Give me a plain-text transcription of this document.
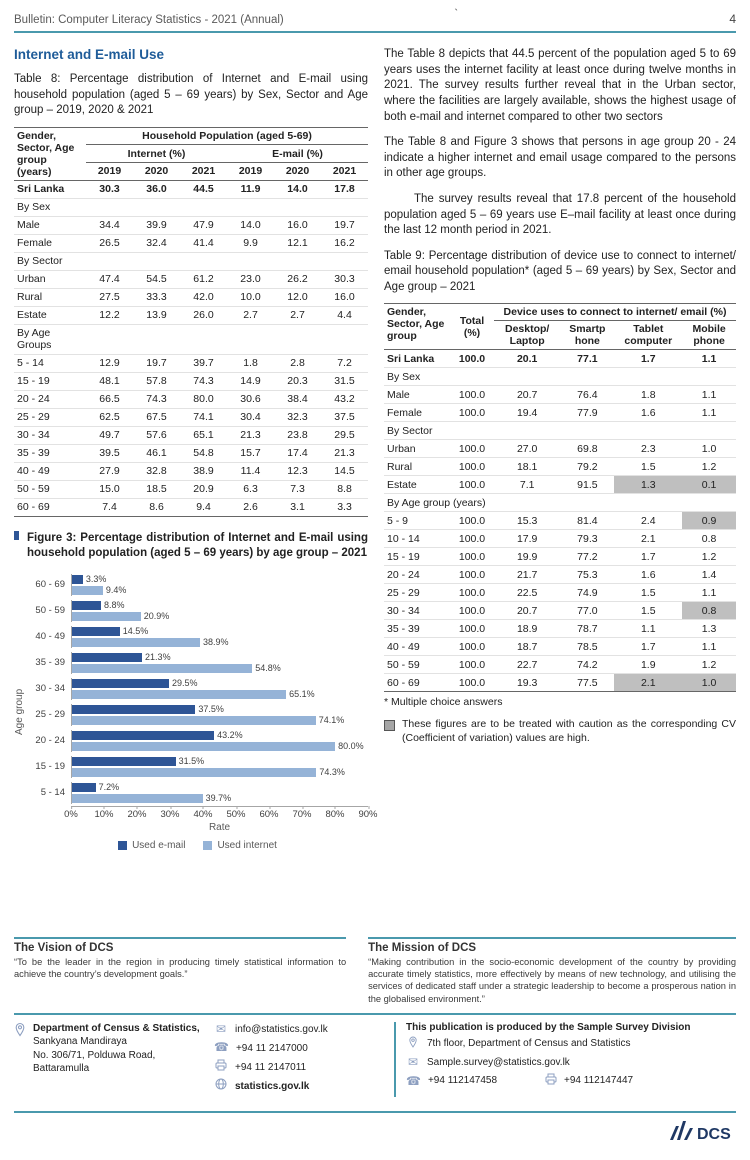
Bulletin: Computer Literacy Statistics - 2021 (Annual)	`	4
Internet and E-mail Use
Table 8: Percentage distribution of Internet and E-mail using household population (aged 5 – 69 years) by Sex, Sector and Age group – 2019, 2020 & 2021
Gender, Sector, Age group (years)	Household Population (aged 5-69)					
	Internet (%)			E-mail (%)		
	2019	2020	2021	2019	2020	2021
Sri Lanka	30.3	36.0	44.5	11.9	14.0	17.8
By Sex						
Male	34.4	39.9	47.9	14.0	16.0	19.7
Female	26.5	32.4	41.4	9.9	12.1	16.2
By Sector						
Urban	47.4	54.5	61.2	23.0	26.2	30.3
Rural	27.5	33.3	42.0	10.0	12.0	16.0
Estate	12.2	13.9	26.0	2.7	2.7	4.4
By Age Groups						
5 - 14	12.9	19.7	39.7	1.8	2.8	7.2
15 - 19	48.1	57.8	74.3	14.9	20.3	31.5
20 - 24	66.5	74.3	80.0	30.6	38.4	43.2
25 - 29	62.5	67.5	74.1	30.4	32.3	37.5
30 - 34	49.7	57.6	65.1	21.3	23.8	29.5
35 - 39	39.5	46.1	54.8	15.7	17.4	21.3
40 - 49	27.9	32.8	38.9	11.4	12.3	14.5
50 - 59	15.0	18.5	20.9	6.3	7.3	8.8
60 - 69	7.4	8.6	9.4	2.6	3.1	3.3
Figure 3: Percentage distribution of Internet and E-mail using household population (aged 5 – 69 years) by age group – 2021
Age group
60 - 69	3.3%
9.4%
50 - 59	8.8%
20.9%
40 - 49	14.5%
38.9%
35 - 39	21.3%
54.8%
30 - 34	29.5%
65.1%
25 - 29	37.5%
74.1%
20 - 24	43.2%
80.0%
15 - 19	31.5%
74.3%
5 - 14	7.2%
39.7%
0% 10% 20% 30% 40% 50% 60% 70% 80% 90%
Rate
Used e-mail	Used internet

The Table 8 depicts that 44.5 percent of the population aged 5 to 69 years uses the internet facility at least once during twelve months in 2021. The survey results further reveal that in the Urban sector, where the facilities are largely available, shows the highest usage of both e-mail and internet compared to other two sectors

The Table 8 and Figure 3 shows that persons in age group 20 - 24 indicate a higher internet and email usage compared to the persons in other age groups.

The survey results reveal that 17.8 percent of the household population aged 5 – 69 years use E–mail facility at least once during the last 12 month period in 2021.

Table 9: Percentage distribution of device use to connect to internet/ email household population* (aged 5 – 69 years) by Sex, Sector and Age group – 2021
Gender, Sector, Age group	Total (%)	Device uses to connect to internet/ email (%)			
		Desktop/ Laptop	Smartp hone	Tablet computer	Mobile phone
Sri Lanka	100.0	20.1	77.1	1.7	1.1
By Sex					
Male	100.0	20.7	76.4	1.8	1.1
Female	100.0	19.4	77.9	1.6	1.1
By Sector					
Urban	100.0	27.0	69.8	2.3	1.0
Rural	100.0	18.1	79.2	1.5	1.2
Estate	100.0	7.1	91.5	1.3	0.1
By Age group (years)					
5 - 9	100.0	15.3	81.4	2.4	0.9
10 - 14	100.0	17.9	79.3	2.1	0.8
15 - 19	100.0	19.9	77.2	1.7	1.2
20 - 24	100.0	21.7	75.3	1.6	1.4
25 - 29	100.0	22.5	74.9	1.5	1.1
30 - 34	100.0	20.7	77.0	1.5	0.8
35 - 39	100.0	18.9	78.7	1.1	1.3
40 - 49	100.0	18.7	78.5	1.7	1.1
50 - 59	100.0	22.7	74.2	1.9	1.2
60 - 69	100.0	19.3	77.5	2.1	1.0
* Multiple choice answers
These figures are to be treated with caution as the corresponding CV (Coefficient of variation) values are high.
The Vision of DCS

“To be the leader in the region in producing timely statistical information to achieve the country’s development goals.”

The Mission of DCS

“Making contribution in the socio-economic development of the country by providing accurate timely statistics, more effectively by means of new technology, and utilising the services of dedicated staff under a strategic leadership to become a prosperous nation in the globalised environment.”

Department of Census & Statistics,
Sankyana Mandiraya
No. 306/71, Polduwa Road,
Battaramulla
✉ info@statistics.gov.lk
☎ +94 11 2147000
+94 11 2147011
statistics.gov.lk
This publication is produced by the Sample Survey Division
7th floor, Department of Census and Statistics
✉ Sample.survey@statistics.gov.lk
☎ +94 112147458	+94 112147447
DCS
